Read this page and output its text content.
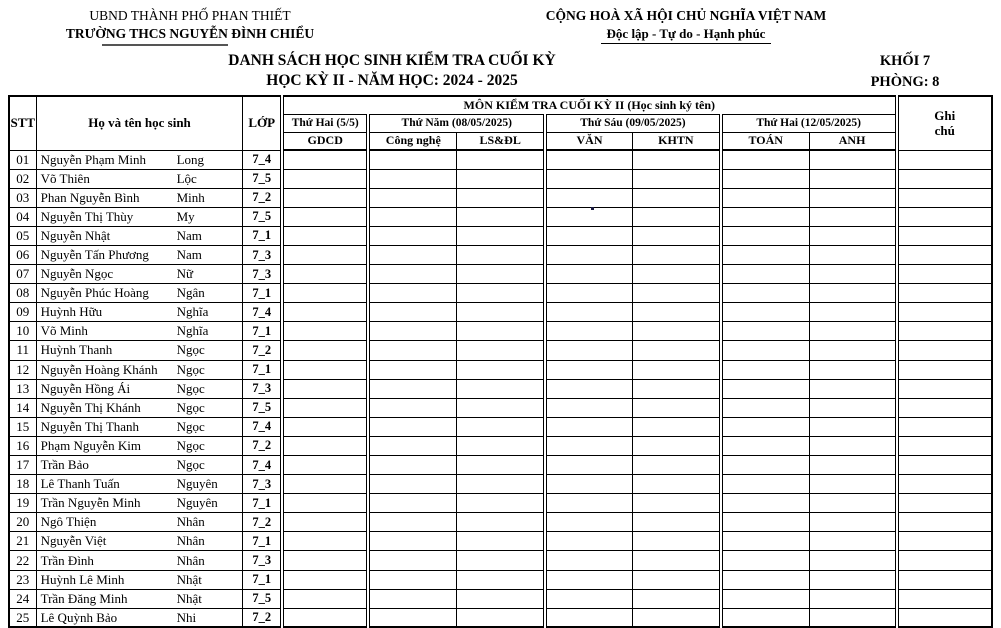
UBND THÀNH PHỐ PHAN THIẾT
TRƯỜNG THCS NGUYỄN ĐÌNH CHIỂU
CỘNG HOÀ XÃ HỘI CHỦ NGHĨA VIỆT NAM
Độc lập - Tự do - Hạnh phúc
DANH SÁCH HỌC SINH KIỂM TRA CUỐI KỲ
HỌC KỲ II - NĂM HỌC: 2024 - 2025
KHỐI 7
PHÒNG: 8
STT	Họ và tên học sinh	LỚP	MÔN KIỂM TRA CUỐI KỲ II (Học sinh ký tên)							Ghi chú
			Thứ Hai (5/5)	Thứ Năm (08/05/2025)		Thứ Sáu (09/05/2025)		Thứ Hai (12/05/2025)		
			GDCD	Công nghệ	LS&ĐL	VĂN	KHTN	TOÁN	ANH	
01	Nguyễn Phạm Minh Long	7_4								
02	Võ Thiên Lộc	7_5								
03	Phan Nguyễn Bình Minh	7_2								
04	Nguyễn Thị Thùy My	7_5								
05	Nguyễn Nhật Nam	7_1								
06	Nguyễn Tấn Phương Nam	7_3								
07	Nguyễn Ngọc Nữ	7_3								
08	Nguyễn Phúc Hoàng Ngân	7_1								
09	Huỳnh Hữu Nghĩa	7_4								
10	Võ Minh Nghĩa	7_1								
11	Huỳnh Thanh Ngọc	7_2								
12	Nguyễn Hoàng Khánh Ngọc	7_1								
13	Nguyễn Hồng Ái Ngọc	7_3								
14	Nguyễn Thị Khánh Ngọc	7_5								
15	Nguyễn Thị Thanh Ngọc	7_4								
16	Phạm Nguyễn Kim Ngọc	7_2								
17	Trần Bảo Ngọc	7_4								
18	Lê Thanh Tuấn Nguyên	7_3								
19	Trần Nguyễn Minh Nguyên	7_1								
20	Ngô Thiện Nhân	7_2								
21	Nguyễn Việt Nhân	7_1								
22	Trần Đình Nhân	7_3								
23	Huỳnh Lê Minh Nhật	7_1								
24	Trần Đăng Minh Nhật	7_5								
25	Lê Quỳnh Bảo Nhi	7_2								
